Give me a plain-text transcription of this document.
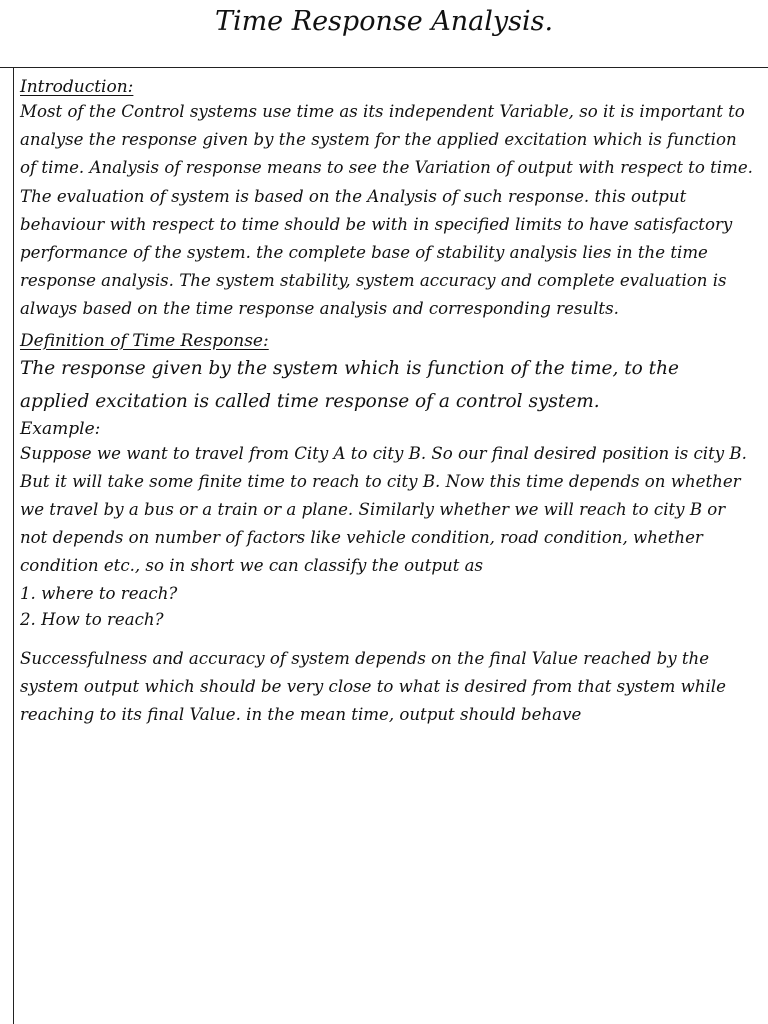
Time Response Analysis.
Introduction:

Most of the Control systems use time as its independent Variable, so it is important to analyse the response given by the system for the applied excitation which is function of time. Analysis of response means to see the Variation of output with respect to time. The evaluation of system is based on the Analysis of such response. this output behaviour with respect to time should be with in specified limits to have satisfactory performance of the system. the complete base of stability analysis lies in the time response analysis. The system stability, system accuracy and complete evaluation is always based on the time response analysis and corresponding results.

Definition of Time Response:

The response given by the system which is function of the time, to the applied excitation is called time response of a control system.

Example:

Suppose we want to travel from City A to city B. So our final desired position is city B. But it will take some finite time to reach to city B. Now this time depends on whether we travel by a bus or a train or a plane. Similarly whether we will reach to city B or not depends on number of factors like vehicle condition, road condition, whether condition etc., so in short we can classify the output as

1. where to reach?

2. How to reach?

Successfulness and accuracy of system depends on the final Value reached by the system output which should be very close to what is desired from that system while reaching to its final Value. in the mean time, output should behave
